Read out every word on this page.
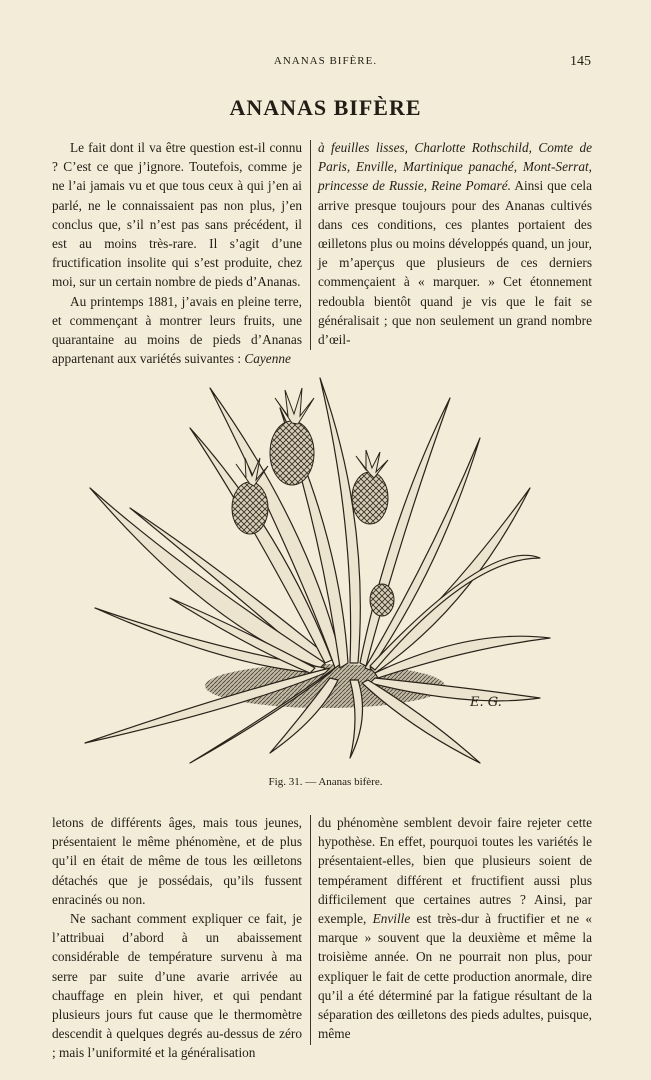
ANANAS BIFÈRE.	145
ANANAS BIFÈRE

Le fait dont il va être question est-il connu ? C’est ce que j’ignore. Toutefois, comme je ne l’ai jamais vu et que tous ceux à qui j’en ai parlé, ne le connaissaient pas non plus, j’en conclus que, s’il n’est pas sans précédent, il est au moins très-rare. Il s’agit d’une fructification insolite qui s’est produite, chez moi, sur un certain nombre de pieds d’Ananas.

Au printemps 1881, j’avais en pleine terre, et commençant à montrer leurs fruits, une quarantaine au moins de pieds d’Ananas appartenant aux variétés suivantes : Cayenne

à feuilles lisses, Charlotte Rothschild, Comte de Paris, Enville, Martinique panaché, Mont-Serrat, princesse de Russie, Reine Pomaré. Ainsi que cela arrive presque toujours pour des Ananas cultivés dans ces conditions, ces plantes portaient des œilletons plus ou moins développés quand, un jour, je m’aperçus que plusieurs de ces derniers commençaient à « marquer. » Cet étonnement redoubla bientôt quand je vis que le fait se généralisait ; que non seulement un grand nombre d’œil-

E. G.
Fig. 31. — Ananas bifère.

letons de différents âges, mais tous jeunes, présentaient le même phénomène, et de plus qu’il en était de même de tous les œilletons détachés que je possédais, qu’ils fussent enracinés ou non.

Ne sachant comment expliquer ce fait, je l’attribuai d’abord à un abaissement considérable de température survenu à ma serre par suite d’une avarie arrivée au chauffage en plein hiver, et qui pendant plusieurs jours fut cause que le thermomètre descendit à quelques degrés au-dessus de zéro ; mais l’uniformité et la généralisation

du phénomène semblent devoir faire rejeter cette hypothèse. En effet, pourquoi toutes les variétés le présentaient-elles, bien que plusieurs soient de tempérament différent et fructifient aussi plus difficilement que certaines autres ? Ainsi, par exemple, Enville est très-dur à fructifier et ne « marque » souvent que la deuxième et même la troisième année. On ne pourrait non plus, pour expliquer le fait de cette production anormale, dire qu’il a été déterminé par la fatigue résultant de la séparation des œilletons des pieds adultes, puisque, même
